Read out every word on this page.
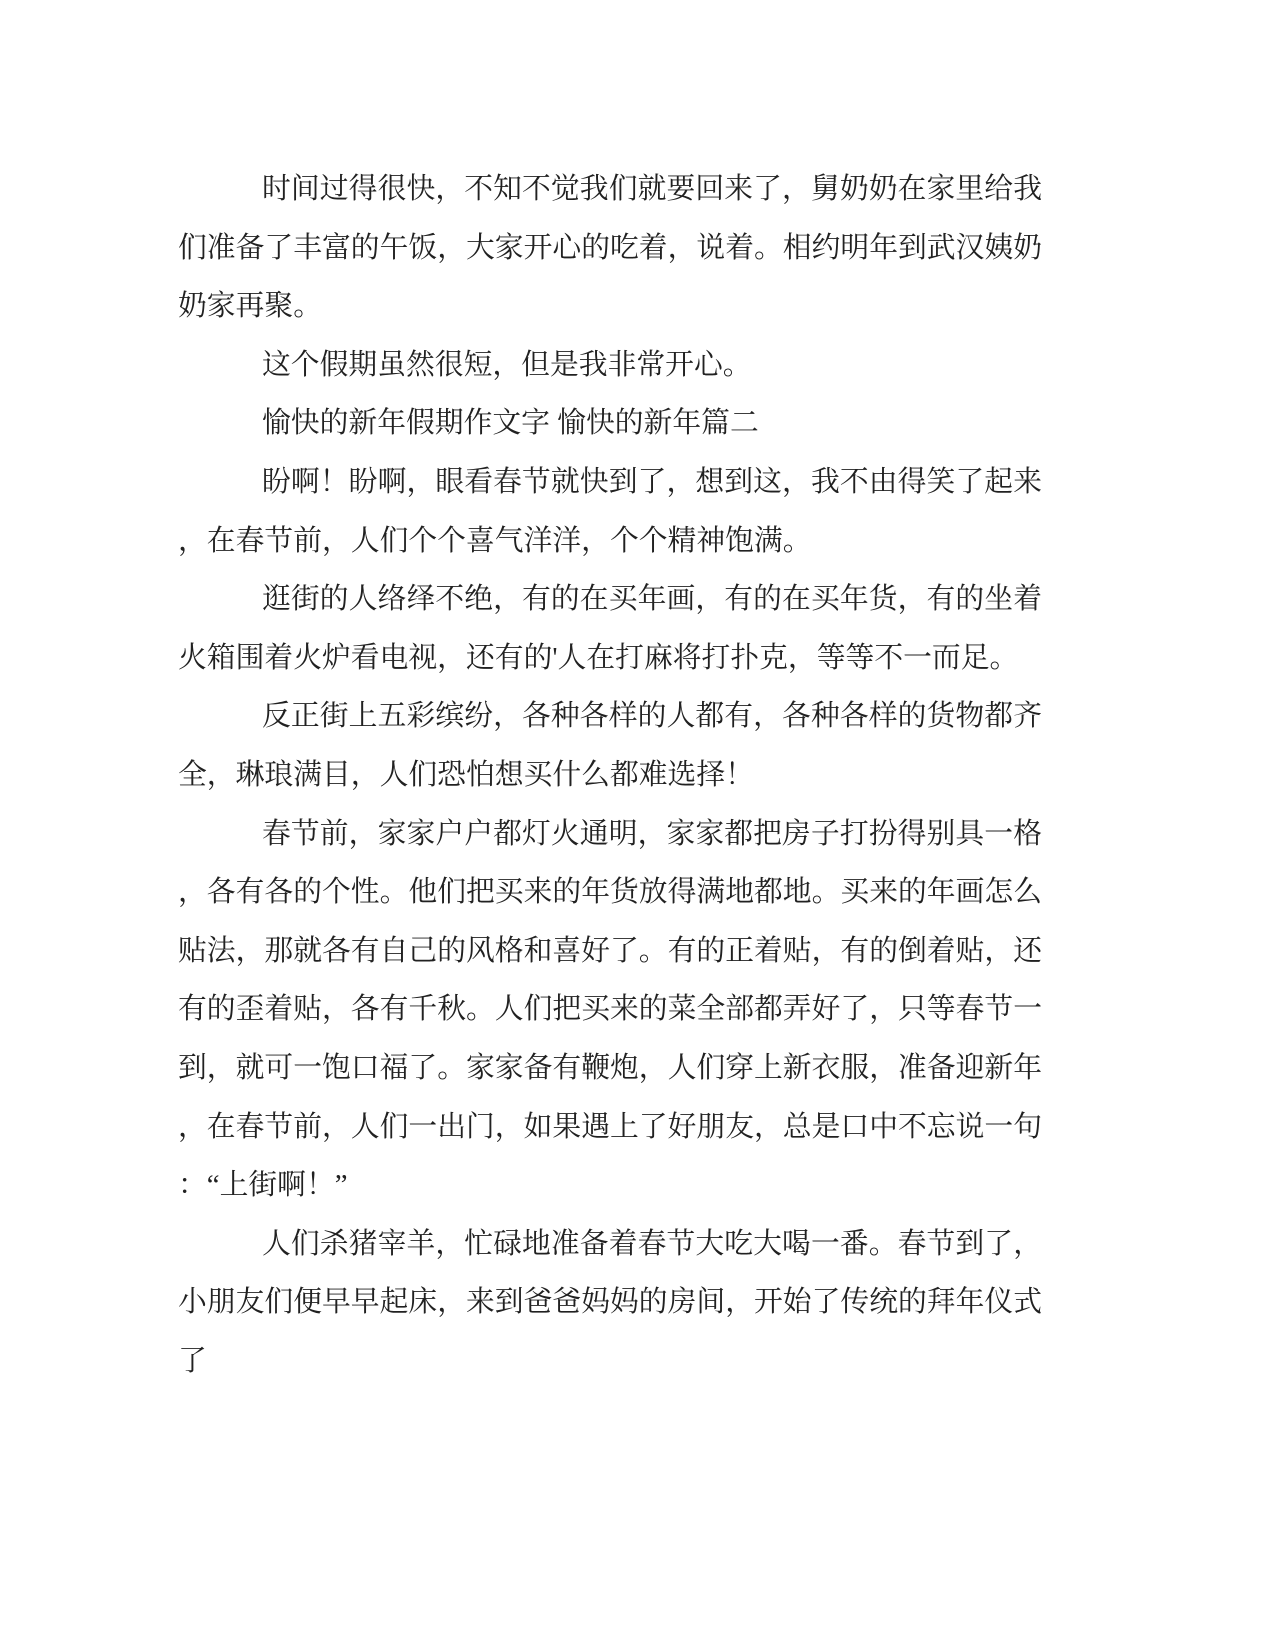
时间过得很快，不知不觉我们就要回来了，舅奶奶在家里给我们准备了丰富的午饭，大家开心的吃着，说着。相约明年到武汉姨奶奶家再聚。

这个假期虽然很短，但是我非常开心。

愉快的新年假期作文字 愉快的新年篇二

盼啊！盼啊，眼看春节就快到了，想到这，我不由得笑了起来，在春节前，人们个个喜气洋洋，个个精神饱满。

逛街的人络绎不绝，有的在买年画，有的在买年货，有的坐着火箱围着火炉看电视，还有的'人在打麻将打扑克，等等不一而足。

反正街上五彩缤纷，各种各样的人都有，各种各样的货物都齐全，琳琅满目，人们恐怕想买什么都难选择！

春节前，家家户户都灯火通明，家家都把房子打扮得别具一格，各有各的个性。他们把买来的年货放得满地都地。买来的年画怎么贴法，那就各有自己的风格和喜好了。有的正着贴，有的倒着贴，还有的歪着贴，各有千秋。人们把买来的菜全部都弄好了，只等春节一到，就可一饱口福了。家家备有鞭炮，人们穿上新衣服，准备迎新年，在春节前，人们一出门，如果遇上了好朋友，总是口中不忘说一句：“上街啊！”

人们杀猪宰羊，忙碌地准备着春节大吃大喝一番。春节到了，小朋友们便早早起床，来到爸爸妈妈的房间，开始了传统的拜年仪式了
